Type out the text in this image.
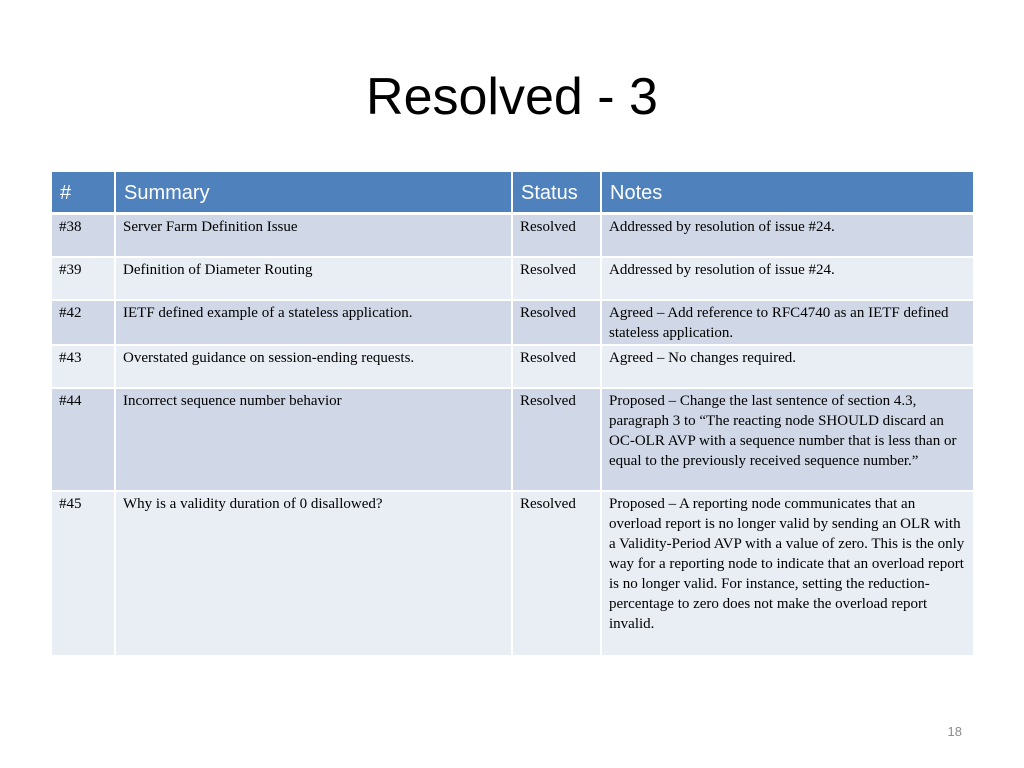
Resolved - 3
#	Summary	Status	Notes
#38	Server Farm Definition Issue	Resolved	Addressed by resolution of issue #24.
#39	Definition of Diameter Routing	Resolved	Addressed by resolution of issue #24.
#42	IETF defined example of a stateless application.	Resolved	Agreed – Add reference to RFC4740 as an IETF defined stateless application.
#43	Overstated guidance on session-ending requests.	Resolved	Agreed – No changes required.
#44	Incorrect sequence number behavior	Resolved	Proposed – Change the last sentence of section 4.3, paragraph 3 to “The reacting node SHOULD discard an OC-OLR AVP with a sequence number that is less than or equal to the previously received sequence number.”
#45	Why is a validity duration of 0 disallowed?	Resolved	Proposed – A reporting node communicates that an overload report is no longer valid by sending an OLR with a Validity-Period AVP with a value of zero. This is the only way for a reporting node to indicate that an overload report is no longer valid. For instance, setting the reduction-percentage to zero does not make the overload report invalid.
18
